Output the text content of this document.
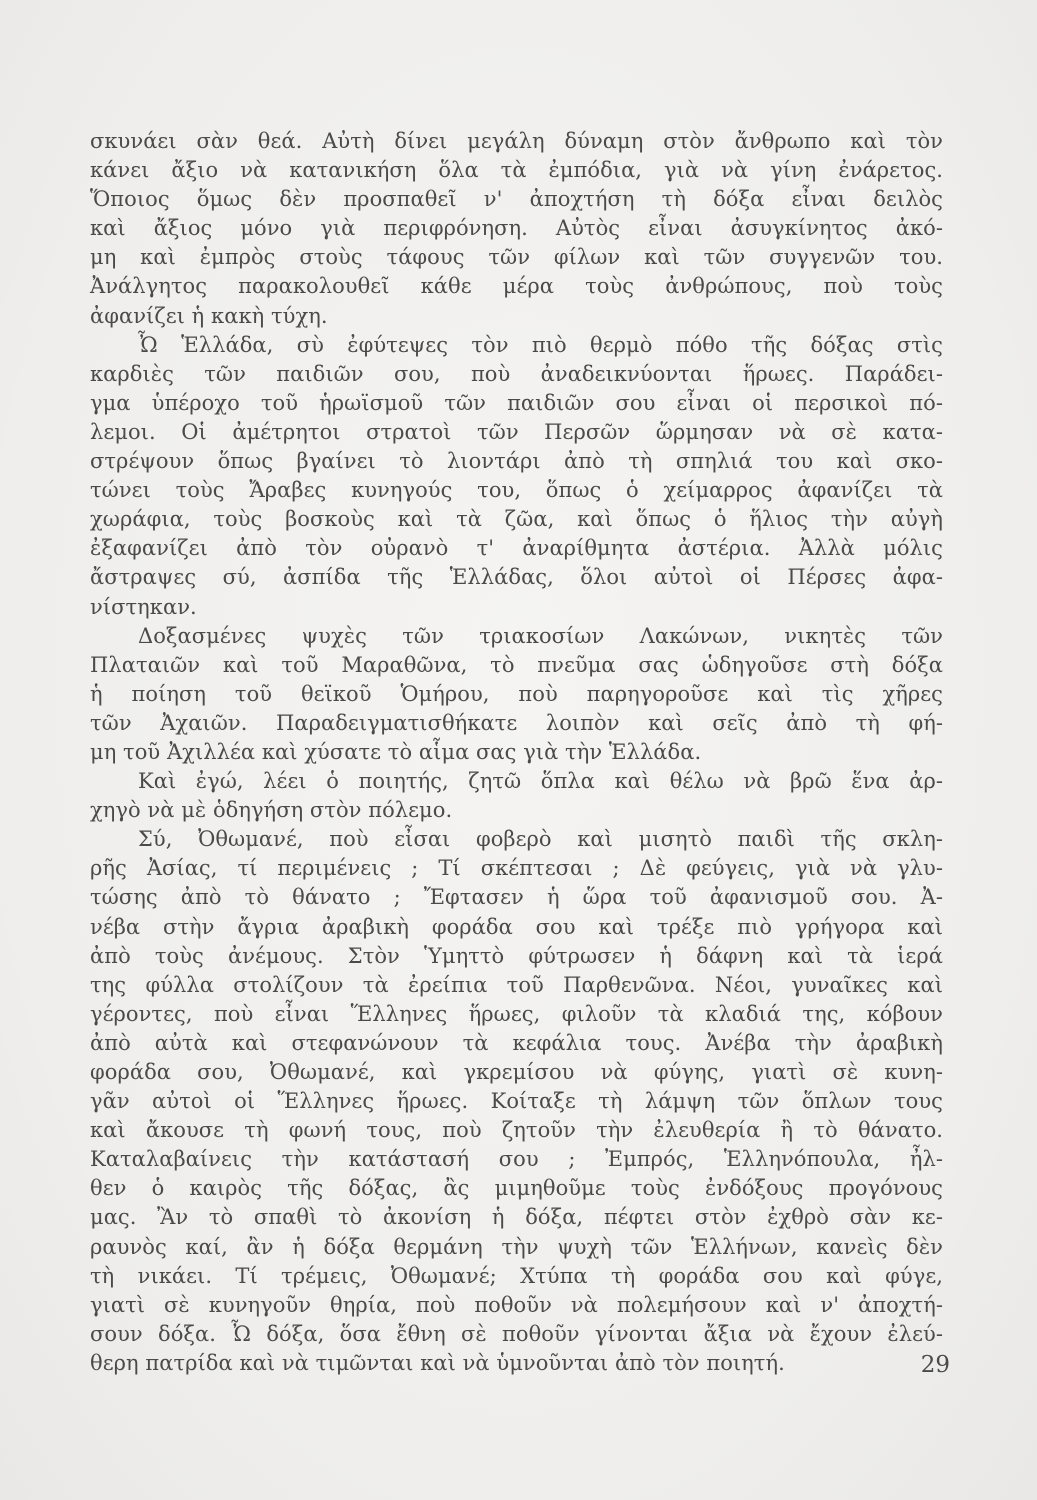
σκυνάει σὰν θεά. Αὐτὴ δίνει μεγάλη δύναμη στὸν ἄνθρωπο καὶ τὸν
κάνει ἄξιο νὰ κατανικήση ὅλα τὰ ἐμπόδια, γιὰ νὰ γίνη ἐνάρετος.
Ὅποιος ὅμως δὲν προσπαθεῖ ν' ἀποχτήση τὴ δόξα εἶναι δειλὸς
καὶ ἄξιος μόνο γιὰ περιφρόνηση. Αὐτὸς εἶναι ἀσυγκίνητος ἀκό-
μη καὶ ἐμπρὸς στοὺς τάφους τῶν φίλων καὶ τῶν συγγενῶν του.
Ἀνάλγητος παρακολουθεῖ κάθε μέρα τοὺς ἀνθρώπους, ποὺ τοὺς
ἀφανίζει ἡ κακὴ τύχη.
Ὦ Ἑλλάδα, σὺ ἐφύτεψες τὸν πιὸ θερμὸ πόθο τῆς δόξας στὶς
καρδιὲς τῶν παιδιῶν σου, ποὺ ἀναδεικνύονται ἥρωες. Παράδει-
γμα ὑπέροχο τοῦ ἡρωϊσμοῦ τῶν παιδιῶν σου εἶναι οἱ περσικοὶ πό-
λεμοι. Οἱ ἀμέτρητοι στρατοὶ τῶν Περσῶν ὥρμησαν νὰ σὲ κατα-
στρέψουν ὅπως βγαίνει τὸ λιοντάρι ἀπὸ τὴ σπηλιά του καὶ σκο-
τώνει τοὺς Ἄραβες κυνηγούς του, ὅπως ὁ χείμαρρος ἀφανίζει τὰ
χωράφια, τοὺς βοσκοὺς καὶ τὰ ζῶα, καὶ ὅπως ὁ ἥλιος τὴν αὐγὴ
ἐξαφανίζει ἀπὸ τὸν οὐρανὸ τ' ἀναρίθμητα ἀστέρια. Ἀλλὰ μόλις
ἄστραψες σύ, ἀσπίδα τῆς Ἑλλάδας, ὅλοι αὐτοὶ οἱ Πέρσες ἀφα-
νίστηκαν.
Δοξασμένες ψυχὲς τῶν τριακοσίων Λακώνων, νικητὲς τῶν
Πλαταιῶν καὶ τοῦ Μαραθῶνα, τὸ πνεῦμα σας ὡδηγοῦσε στὴ δόξα
ἡ ποίηση τοῦ θεϊκοῦ Ὁμήρου, ποὺ παρηγοροῦσε καὶ τὶς χῆρες
τῶν Ἀχαιῶν. Παραδειγματισθήκατε λοιπὸν καὶ σεῖς ἀπὸ τὴ φή-
μη τοῦ Ἀχιλλέα καὶ χύσατε τὸ αἷμα σας γιὰ τὴν Ἑλλάδα.
Καὶ ἐγώ, λέει ὁ ποιητής, ζητῶ ὅπλα καὶ θέλω νὰ βρῶ ἕνα ἀρ-
χηγὸ νὰ μὲ ὁδηγήση στὸν πόλεμο.
Σύ, Ὀθωμανέ, ποὺ εἶσαι φοβερὸ καὶ μισητὸ παιδὶ τῆς σκλη-
ρῆς Ἀσίας, τί περιμένεις ; Τί σκέπτεσαι ; Δὲ φεύγεις, γιὰ νὰ γλυ-
τώσης ἀπὸ τὸ θάνατο ; Ἔφτασεν ἡ ὥρα τοῦ ἀφανισμοῦ σου. Ἀ-
νέβα στὴν ἄγρια ἀραβικὴ φοράδα σου καὶ τρέξε πιὸ γρήγορα καὶ
ἀπὸ τοὺς ἀνέμους. Στὸν Ὑμηττὸ φύτρωσεν ἡ δάφνη καὶ τὰ ἱερά
της φύλλα στολίζουν τὰ ἐρείπια τοῦ Παρθενῶνα. Νέοι, γυναῖκες καὶ
γέροντες, ποὺ εἶναι Ἕλληνες ἥρωες, φιλοῦν τὰ κλαδιά της, κόβουν
ἀπὸ αὐτὰ καὶ στεφανώνουν τὰ κεφάλια τους. Ἀνέβα τὴν ἀραβικὴ
φοράδα σου, Ὀθωμανέ, καὶ γκρεμίσου νὰ φύγης, γιατὶ σὲ κυνη-
γᾶν αὐτοὶ οἱ Ἕλληνες ἥρωες. Κοίταξε τὴ λάμψη τῶν ὅπλων τους
καὶ ἄκουσε τὴ φωνή τους, ποὺ ζητοῦν τὴν ἐλευθερία ἢ τὸ θάνατο.
Καταλαβαίνεις τὴν κατάστασή σου ; Ἐμπρός, Ἑλληνόπουλα, ἦλ-
θεν ὁ καιρὸς τῆς δόξας, ἂς μιμηθοῦμε τοὺς ἐνδόξους προγόνους
μας. Ἂν τὸ σπαθὶ τὸ ἀκονίση ἡ δόξα, πέφτει στὸν ἐχθρὸ σὰν κε-
ραυνὸς καί, ἂν ἡ δόξα θερμάνη τὴν ψυχὴ τῶν Ἑλλήνων, κανεὶς δὲν
τὴ νικάει. Τί τρέμεις, Ὀθωμανέ; Χτύπα τὴ φοράδα σου καὶ φύγε,
γιατὶ σὲ κυνηγοῦν θηρία, ποὺ ποθοῦν νὰ πολεμήσουν καὶ ν' ἀποχτή-
σουν δόξα. Ὦ δόξα, ὅσα ἔθνη σὲ ποθοῦν γίνονται ἄξια νὰ ἔχουν ἐλεύ-
θερη πατρίδα καὶ νὰ τιμῶνται καὶ νὰ ὑμνοῦνται ἀπὸ τὸν ποιητή.	29
